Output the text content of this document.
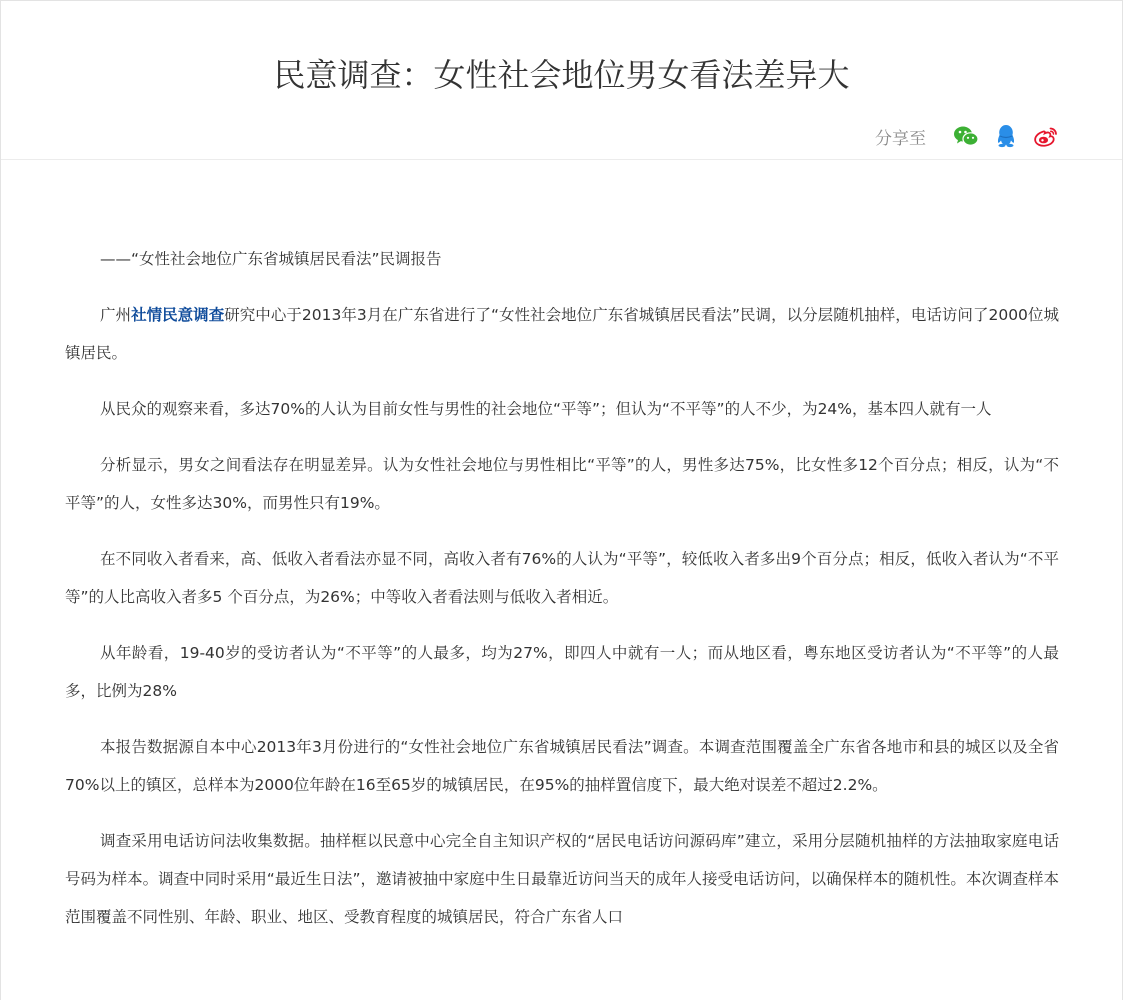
民意调查：女性社会地位男女看法差异大
分享至

——“女性社会地位广东省城镇居民看法”民调报告

广州社情民意调查研究中心于2013年3月在广东省进行了“女性社会地位广东省城镇居民看法”民调，以分层随机抽样，电话访问了2000位城镇居民。

从民众的观察来看，多达70%的人认为目前女性与男性的社会地位“平等”；但认为“不平等”的人不少，为24%，基本四人就有一人

分析显示，男女之间看法存在明显差异。认为女性社会地位与男性相比“平等”的人，男性多达75%，比女性多12个百分点；相反，认为“不平等”的人，女性多达30%，而男性只有19%。

在不同收入者看来，高、低收入者看法亦显不同，高收入者有76%的人认为“平等”，较低收入者多出9个百分点；相反，低收入者认为“不平等”的人比高收入者多5 个百分点，为26%；中等收入者看法则与低收入者相近。

从年龄看，19-40岁的受访者认为“不平等”的人最多，均为27%，即四人中就有一人；而从地区看，粤东地区受访者认为“不平等”的人最多，比例为28%

本报告数据源自本中心2013年3月份进行的“女性社会地位广东省城镇居民看法”调查。本调查范围覆盖全广东省各地市和县的城区以及全省70%以上的镇区，总样本为2000位年龄在16至65岁的城镇居民，在95%的抽样置信度下，最大绝对误差不超过2.2%。

调查采用电话访问法收集数据。抽样框以民意中心完全自主知识产权的“居民电话访问源码库”建立，采用分层随机抽样的方法抽取家庭电话号码为样本。调查中同时采用“最近生日法”，邀请被抽中家庭中生日最靠近访问当天的成年人接受电话访问，以确保样本的随机性。本次调查样本范围覆盖不同性别、年龄、职业、地区、受教育程度的城镇居民，符合广东省人口
